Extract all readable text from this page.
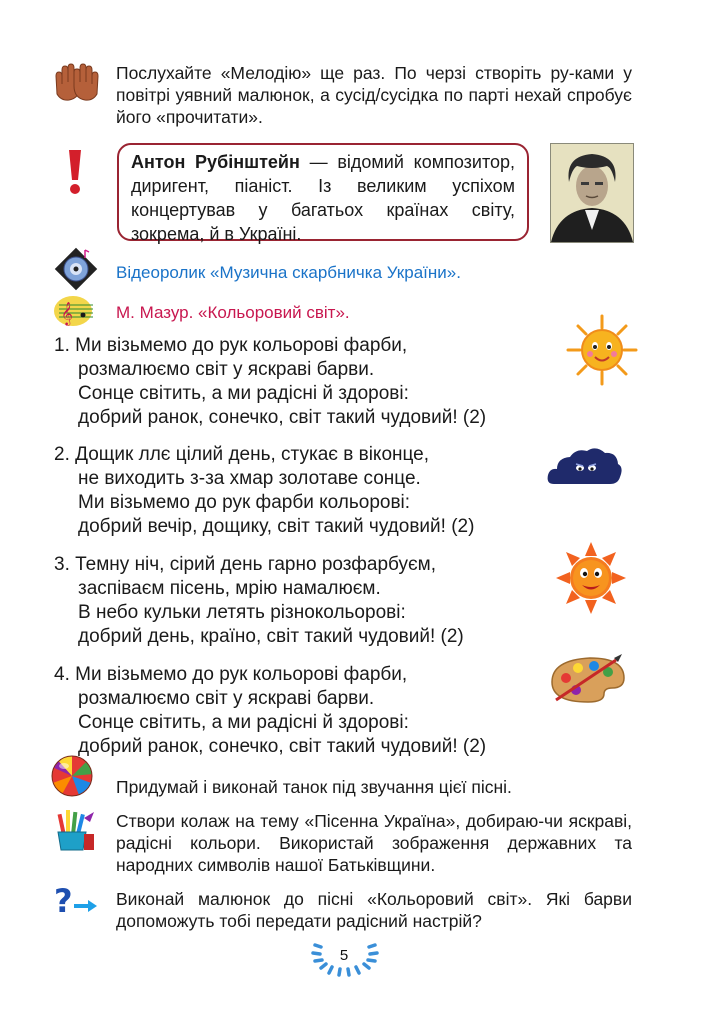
Послухайте «Мелодію» ще раз. По черзі створіть ру-ками у повітрі уявний малюнок, а сусід/сусідка по парті нехай спробує його «прочитати».
Антон Рубінштейн — відомий композитор, диригент, піаніст. Із великим успіхом концертував у багатьох країнах світу, зокрема, й в Україні.
Відеоролик «Музична скарбничка України».
𝄞	М. Мазур. «Кольоровий світ».
1. Ми візьмемо до рук кольорові фарби,
розмалюємо світ у яскраві барви.
Сонце світить, а ми радісні й здорові:
добрий ранок, сонечко, світ такий чудовий! (2)
2. Дощик ллє цілий день, стукає в віконце,
не виходить з-за хмар золотаве сонце.
Ми візьмемо до рук фарби кольорові:
добрий вечір, дощику, світ такий чудовий! (2)
3. Темну ніч, сірий день гарно розфарбуєм,
заспіваєм пісень, мрію намалюєм.
В небо кульки летять різнокольорові:
добрий день, країно, світ такий чудовий! (2)
4. Ми візьмемо до рук кольорові фарби,
розмалюємо світ у яскраві барви.
Сонце світить, а ми радісні й здорові:
добрий ранок, сонечко, світ такий чудовий! (2)
Придумай і виконай танок під звучання цієї пісні.
Створи колаж на тему «Пісенна Україна», добираю-чи яскраві, радісні кольори. Використай зображення державних та народних символів нашої Батьківщини.
? Виконай малюнок до пісні «Кольоровий світ». Які барви допоможуть тобі передати радісний настрій?
5
